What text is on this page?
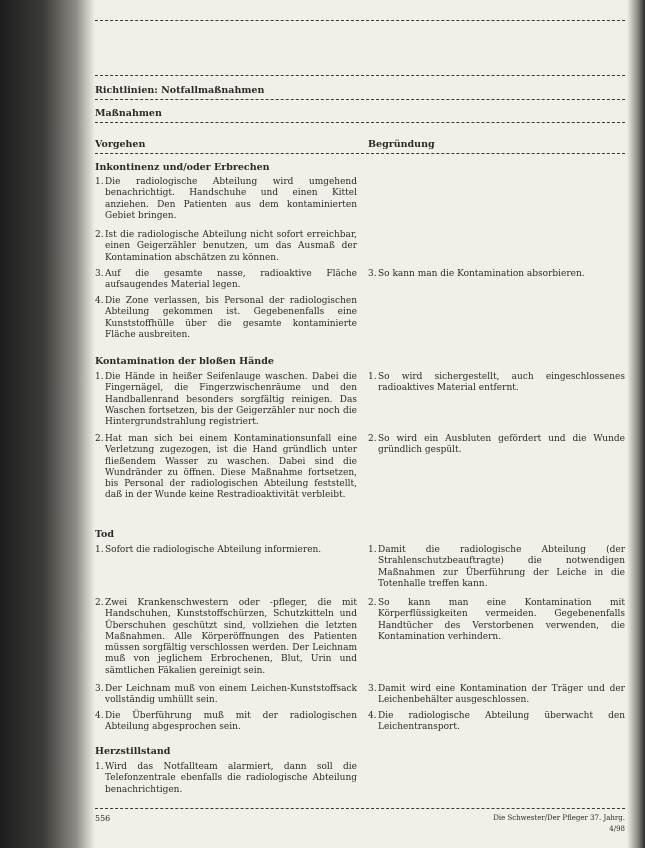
Richtlinien: Notfallmaßnahmen
Maßnahmen
Vorgehen	Begründung
Inkontinenz und/oder Erbrechen
1. Die radiologische Abteilung wird umgehend benachrichtigt. Handschuhe und einen Kittel anziehen. Den Patienten aus dem kontaminierten Gebiet bringen.
2. Ist die radiologische Abteilung nicht sofort erreichbar, einen Geigerzähler benutzen, um das Ausmaß der Kontamination abschätzen zu können.
3. Auf die gesamte nasse, radioaktive Fläche aufsaugendes Material legen.
4. Die Zone verlassen, bis Personal der radiologischen Abteilung gekommen ist. Gegebenenfalls eine Kunststoffhülle über die gesamte kontaminierte Fläche ausbreiten.
3. So kann man die Kontamination absorbieren.
Kontamination der bloßen Hände
1. Die Hände in heißer Seifenlauge waschen. Dabei die Fingernägel, die Fingerzwischenräume und den Handballenrand besonders sorgfältig reinigen. Das Waschen fortsetzen, bis der Geigerzähler nur noch die Hintergrundstrahlung registriert.
2. Hat man sich bei einem Kontaminationsunfall eine Verletzung zugezogen, ist die Hand gründlich unter fließendem Wasser zu waschen. Dabei sind die Wundränder zu öffnen. Diese Maßnahme fortsetzen, bis Personal der radiologischen Abteilung feststellt, daß in der Wunde keine Restradioaktivität verbleibt.
1. So wird sichergestellt, auch eingeschlossenes radioaktives Material entfernt.
2. So wird ein Ausbluten gefördert und die Wunde gründlich gespült.
Tod
1. Sofort die radiologische Abteilung informieren.
2. Zwei Krankenschwestern oder -pfleger, die mit Handschuhen, Kunststoffschürzen, Schutzkitteln und Überschuhen geschützt sind, vollziehen die letzten Maßnahmen. Alle Körperöffnungen des Patienten müssen sorgfältig verschlossen werden. Der Leichnam muß von jeglichem Erbrochenen, Blut, Urin und sämtlichen Fäkalien gereinigt sein.
3. Der Leichnam muß von einem Leichen-Kunststoffsack vollständig umhüllt sein.
4. Die Überführung muß mit der radiologischen Abteilung abgesprochen sein.
1. Damit die radiologische Abteilung (der Strahlenschutzbeauftragte) die notwendigen Maßnahmen zur Überführung der Leiche in die Totenhalle treffen kann.
2. So kann man eine Kontamination mit Körperflüssigkeiten vermeiden. Gegebenenfalls Handtücher des Verstorbenen verwenden, die Kontamination verhindern.
3. Damit wird eine Kontamination der Träger und der Leichenbehälter ausgeschlossen.
4. Die radiologische Abteilung überwacht den Leichentransport.
Herzstillstand
1. Wird das Notfallteam alarmiert, dann soll die Telefonzentrale ebenfalls die radiologische Abteilung benachrichtigen.
556	Die Schwester/Der Pfleger 37. Jahrg. 4/98
